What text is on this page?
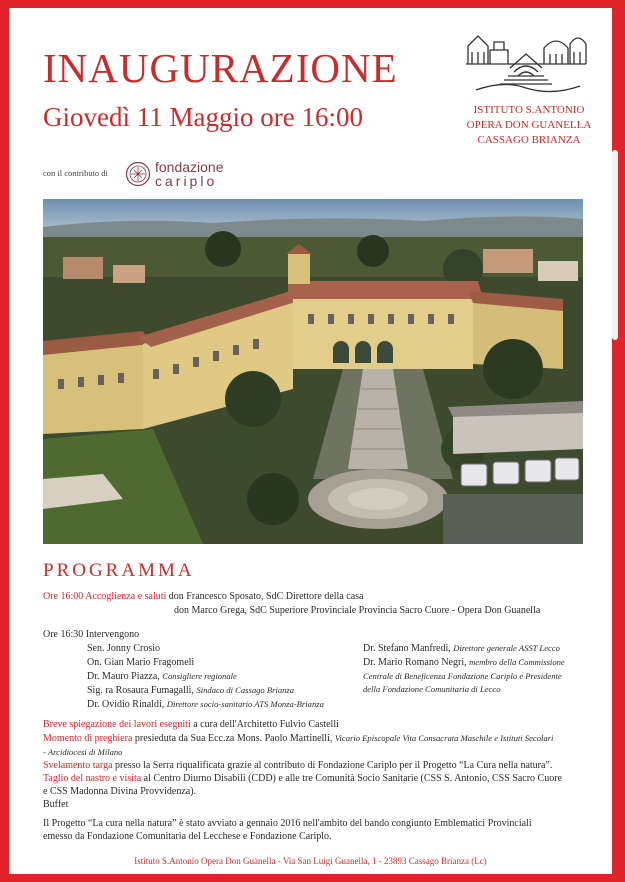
INAUGURAZIONE
Giovedì 11 Maggio ore 16:00	ISTITUTO S.ANTONIO
OPERA DON GUANELLA
CASSAGO BRIANZA
con il contributo di	fondazione
cariplo
PROGRAMMA
Ore 16:00 Accoglienza e saluti don Francesco Sposato, SdC Direttore della casa
don Marco Grega, SdC Superiore Provinciale Provincia Sacro Cuore - Opera Don Guanella
Ore 16:30 Intervengono
Sen. Jonny Crosio
On. Gian Mario Fragomeli
Dr. Mauro Piazza, Consigliere regionale
Sig. ra Rosaura Fumagalli, Sindaco di Cassago Brianza
Dr. Ovidio Rinaldi, Direttore socio-sanitario ATS Monza-Brianza
Dr. Stefano Manfredi, Direttore generale ASST Lecco
Dr. Mario Romano Negri, membro della Commissione
Centrale di Beneficenza Fondazione Cariplo e Presidente
della Fondazione Comunitaria di Lecco
Breve spiegazione dei lavori eseguiti a cura dell'Architetto Fulvio Castelli
Momento di preghiera presieduta da Sua Ecc.za Mons. Paolo Martinelli, Vicario Episcopale Vita Consacrata Maschile e Istituti Secolari
- Arcidiocesi di Milano
Svelamento targa presso la Serra riqualificata grazie al contributo di Fondazione Cariplo per il Progetto “La Cura nella natura”.
Taglio del nastro e visita al Centro Diurno Disabili (CDD) e alle tre Comunità Socio Sanitarie (CSS S. Antonio, CSS Sacro Cuore
e CSS Madonna Divina Provvidenza).
Buffet
Il Progetto “La cura nella natura” è stato avviato a gennaio 2016 nell'ambito del bando congiunto Emblematici Provinciali
emesso da Fondazione Comunitaria del Lecchese e Fondazione Cariplo.
Istituto S.Antonio Opera Don Guanella - Via San Luigi Guanella, 1 - 23893 Cassago Brianza (Lc)
